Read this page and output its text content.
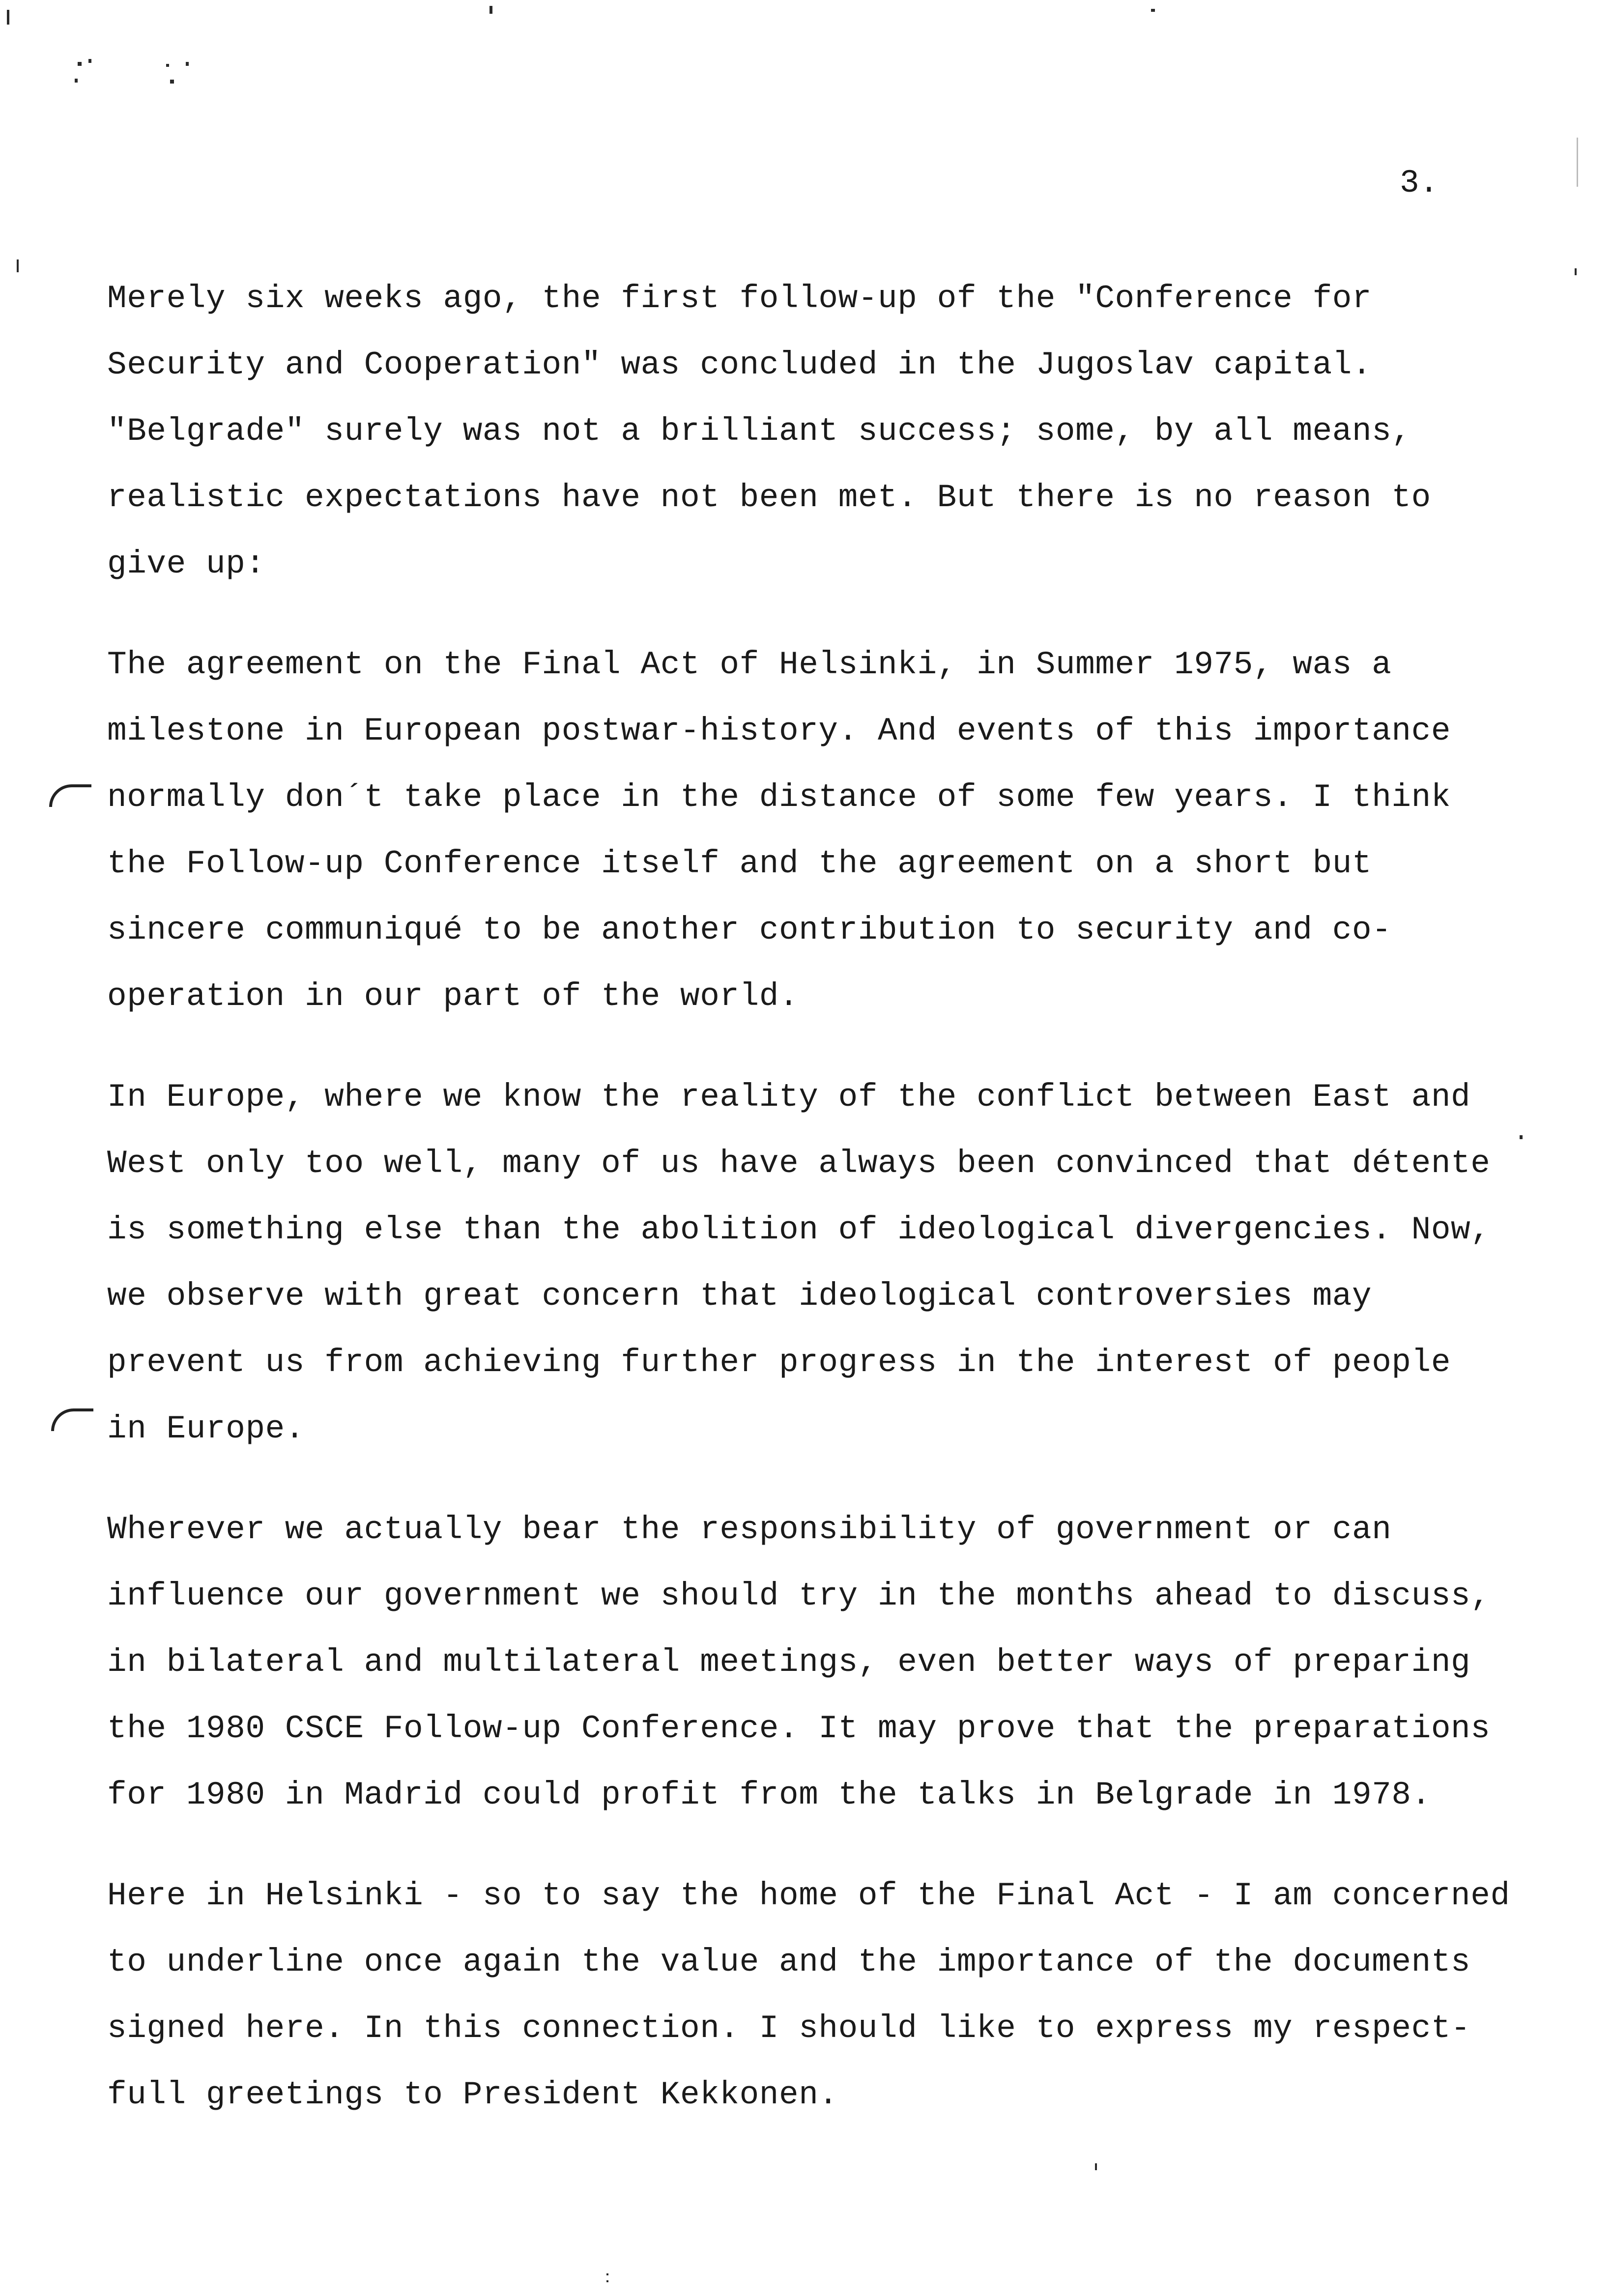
3.
Merely six weeks ago, the first follow-up of the "Conference for
Security and Cooperation" was concluded in the Jugoslav capital.
"Belgrade" surely was not a brilliant success; some, by all means,
realistic expectations have not been met. But there is no reason to
give up:
The agreement on the Final Act of Helsinki, in Summer 1975, was a
milestone in European postwar-history. And events of this importance
normally don´t take place in the distance of some few years. I think
the Follow-up Conference itself and the agreement on a short but
sincere communiqué to be another contribution to security and co-
operation in our part of the world.
In Europe, where we know the reality of the conflict between East and
West only too well, many of us have always been convinced that détente
is something else than the abolition of ideological divergencies. Now,
we observe with great concern that ideological controversies may
prevent us from achieving further progress in the interest of people
in Europe.
Wherever we actually bear the responsibility of government or can
influence our government we should try in the months ahead to discuss,
in bilateral and multilateral meetings, even better ways of preparing
the 1980 CSCE Follow-up Conference. It may prove that the preparations
for 1980 in Madrid could profit from the talks in Belgrade in 1978.
Here in Helsinki - so to say the home of the Final Act - I am concerned
to underline once again the value and the importance of the documents
signed here. In this connection. I should like to express my respect-
full greetings to President Kekkonen.
